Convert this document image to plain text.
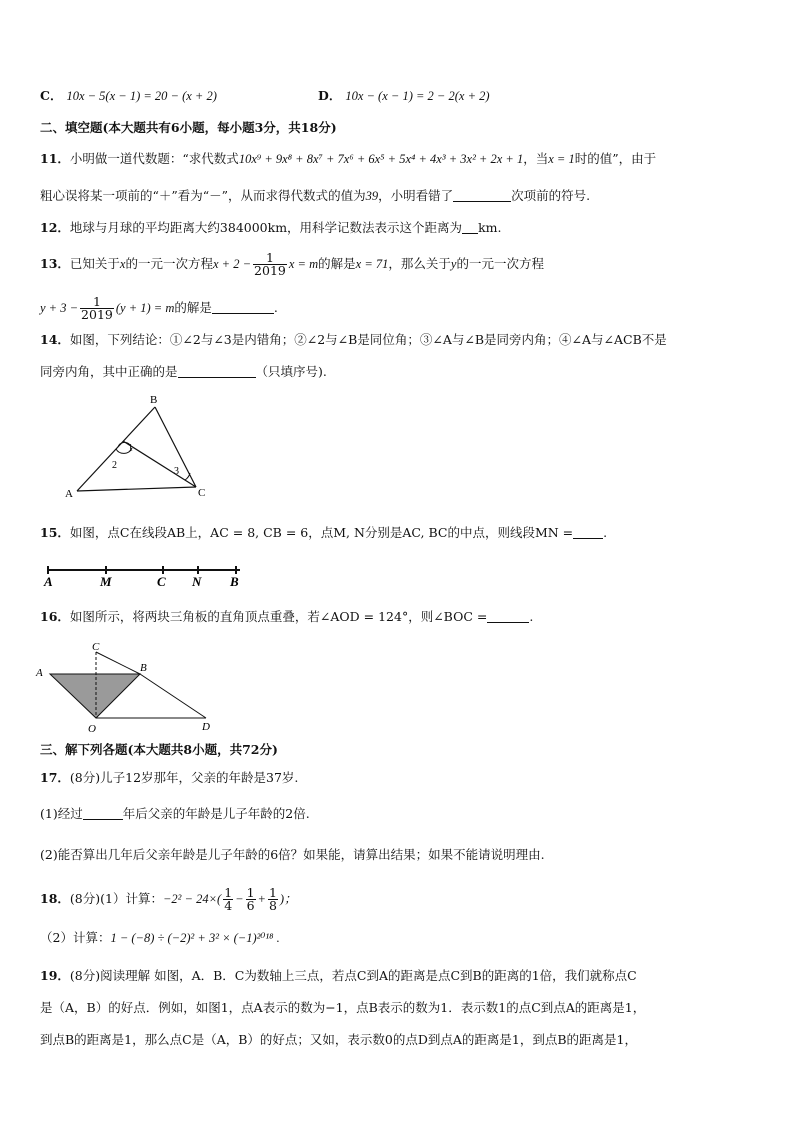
C． 10x − 5(x − 1) = 20 − (x + 2)	D． 10x − (x − 1) = 2 − 2(x + 2)
二、填空题(本大题共有6小题，每小题3分，共18分)
11．小明做一道代数题：“求代数式10x⁹ + 9x⁸ + 8x⁷ + 7x⁶ + 6x⁵ + 5x⁴ + 4x³ + 3x² + 2x + 1，当x = 1时的值”，由于
粗心误将某一项前的“＋”看为“－”，从而求得代数式的值为39，小明看错了	次项前的符号.
12．地球与月球的平均距离大约384000km，用科学记数法表示这个距离为 km.
13．已知关于x的一元一次方程$x + 2 - \frac{1}{2019}$ x = m的解是x = 71，那么关于y的一元一次方程
$y + 3 - \frac{1}{2019} (y + 1) = m$的解是	.
14．如图，下列结论：①∠2与∠3是内错角；②∠2与∠B是同位角；③∠A与∠B是同旁内角；④∠A与∠ACB不是
同旁内角，其中正确的是	（只填序号).
B
A	C
1
2
3
15．如图，点C在线段AB上，AC = 8, CB = 6，点M, N分别是AC, BC的中点，则线段MN = .
A	M	C N B
16．如图所示，将两块三角板的直角顶点重叠，若∠AOD = 124°，则∠BOC =	.
A
C
B
O	D
三、解下列各题(本大题共8小题，共72分)
17．(8分)儿子12岁那年，父亲的年龄是37岁.
(1)经过	年后父亲的年龄是儿子年龄的2倍.
(2)能否算出几年后父亲年龄是儿子年龄的6倍？如果能，请算出结果；如果不能请说明理由.
18．(8分)(1）计算：$-2^2 - 24\times( \frac{1}{4} - \frac{1}{6} + \frac{1}{8}$ )；
（2）计算：1 − (−8) ÷ (−2)² + 3² × (−1)²⁰¹⁸ .
19．(8分)阅读理解 如图，A．B．C为数轴上三点，若点C到A的距离是点C到B的距离的1倍，我们就称点C
是（A，B）的好点．例如，如图1，点A表示的数为−1，点B表示的数为1．表示数1的点C到点A的距离是1，
到点B的距离是1，那么点C是（A，B）的好点；又如，表示数0的点D到点A的距离是1，到点B的距离是1，
